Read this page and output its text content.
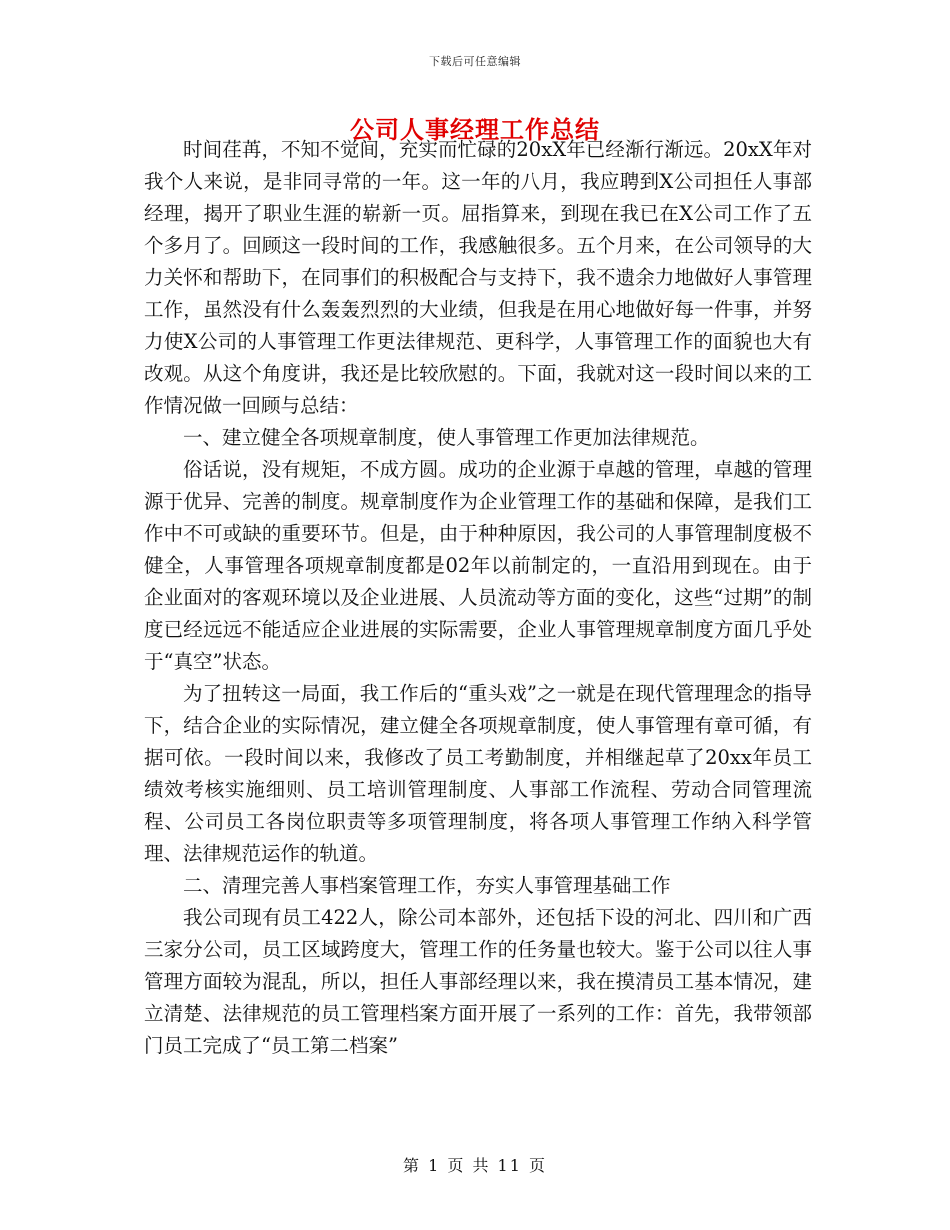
下载后可任意编辑
公司人事经理工作总结

时间荏苒，不知不觉间，充实而忙碌的20xX年已经渐行渐远。20xX年对我个人来说，是非同寻常的一年。这一年的八月，我应聘到X公司担任人事部经理，揭开了职业生涯的崭新一页。屈指算来，到现在我已在X公司工作了五个多月了。回顾这一段时间的工作，我感触很多。五个月来，在公司领导的大力关怀和帮助下，在同事们的积极配合与支持下，我不遗余力地做好人事管理工作，虽然没有什么轰轰烈烈的大业绩，但我是在用心地做好每一件事，并努力使X公司的人事管理工作更法律规范、更科学，人事管理工作的面貌也大有改观。从这个角度讲，我还是比较欣慰的。下面，我就对这一段时间以来的工作情况做一回顾与总结：

一、建立健全各项规章制度，使人事管理工作更加法律规范。

俗话说，没有规矩，不成方圆。成功的企业源于卓越的管理，卓越的管理源于优异、完善的制度。规章制度作为企业管理工作的基础和保障，是我们工作中不可或缺的重要环节。但是，由于种种原因，我公司的人事管理制度极不健全，人事管理各项规章制度都是02年以前制定的，一直沿用到现在。由于企业面对的客观环境以及企业进展、人员流动等方面的变化，这些“过期”的制度已经远远不能适应企业进展的实际需要，企业人事管理规章制度方面几乎处于“真空”状态。

为了扭转这一局面，我工作后的“重头戏”之一就是在现代管理理念的指导下，结合企业的实际情况，建立健全各项规章制度，使人事管理有章可循，有据可依。一段时间以来，我修改了员工考勤制度，并相继起草了20xx年员工绩效考核实施细则、员工培训管理制度、人事部工作流程、劳动合同管理流程、公司员工各岗位职责等多项管理制度，将各项人事管理工作纳入科学管理、法律规范运作的轨道。

二、清理完善人事档案管理工作，夯实人事管理基础工作

我公司现有员工422人，除公司本部外，还包括下设的河北、四川和广西三家分公司，员工区域跨度大，管理工作的任务量也较大。鉴于公司以往人事管理方面较为混乱，所以，担任人事部经理以来，我在摸清员工基本情况，建立清楚、法律规范的员工管理档案方面开展了一系列的工作：首先，我带领部门员工完成了“员工第二档案”

第 1 页 共 11 页
